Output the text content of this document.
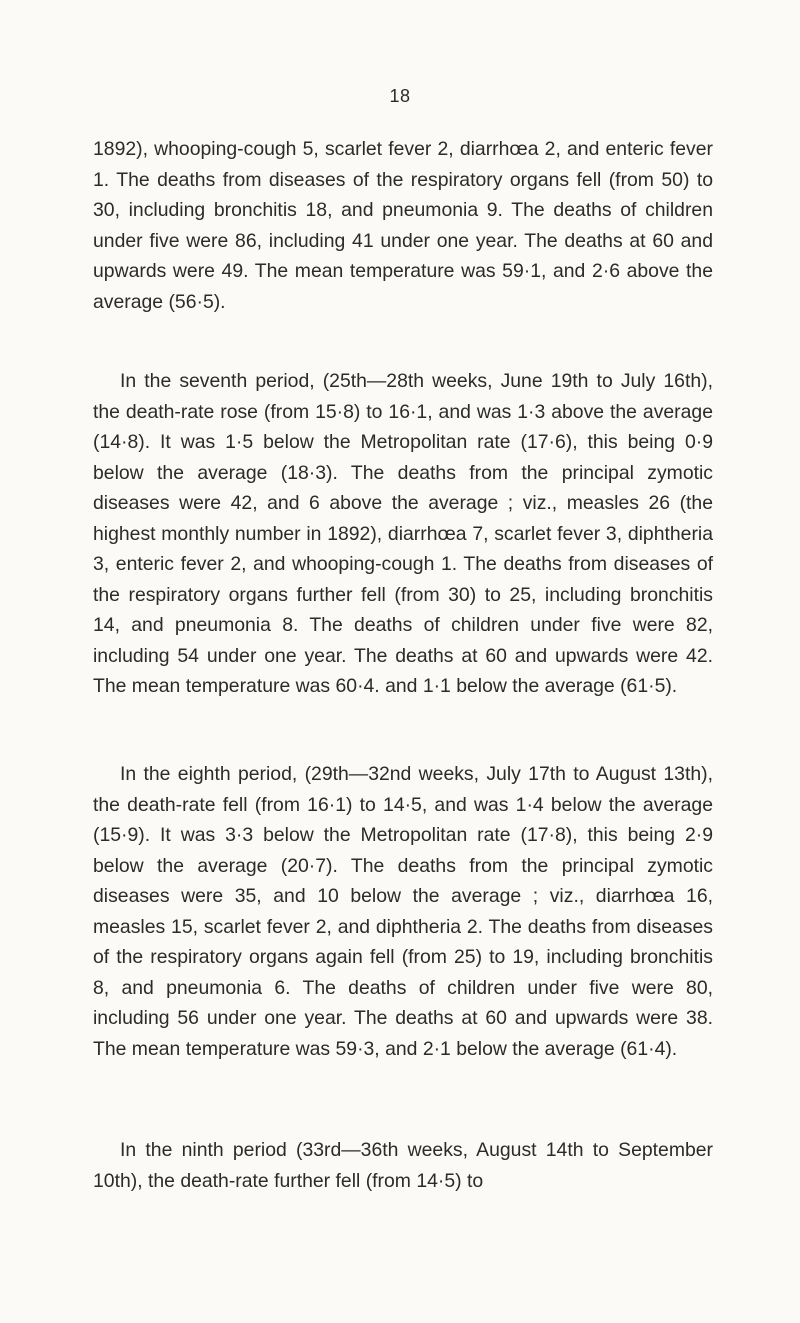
18

1892), whooping-cough 5, scarlet fever 2, diarrhœa 2, and enteric fever 1. The deaths from diseases of the respiratory organs fell (from 50) to 30, including bronchitis 18, and pneumonia 9. The deaths of children under five were 86, including 41 under one year. The deaths at 60 and upwards were 49. The mean temperature was 59·1, and 2·6 above the average (56·5).

In the seventh period, (25th—28th weeks, June 19th to July 16th), the death-rate rose (from 15·8) to 16·1, and was 1·3 above the average (14·8). It was 1·5 below the Metropolitan rate (17·6), this being 0·9 below the average (18·3). The deaths from the principal zymotic diseases were 42, and 6 above the average ; viz., measles 26 (the highest monthly number in 1892), diarrhœa 7, scarlet fever 3, diphtheria 3, enteric fever 2, and whooping-cough 1. The deaths from diseases of the respiratory organs further fell (from 30) to 25, including bronchitis 14, and pneumonia 8. The deaths of children under five were 82, including 54 under one year. The deaths at 60 and upwards were 42. The mean temperature was 60·4. and 1·1 below the average (61·5).

In the eighth period, (29th—32nd weeks, July 17th to August 13th), the death-rate fell (from 16·1) to 14·5, and was 1·4 below the average (15·9). It was 3·3 below the Metropolitan rate (17·8), this being 2·9 below the average (20·7). The deaths from the principal zymotic diseases were 35, and 10 below the average ; viz., diarrhœa 16, measles 15, scarlet fever 2, and diphtheria 2. The deaths from diseases of the respiratory organs again fell (from 25) to 19, including bronchitis 8, and pneumonia 6. The deaths of children under five were 80, including 56 under one year. The deaths at 60 and upwards were 38. The mean temperature was 59·3, and 2·1 below the average (61·4).

In the ninth period (33rd—36th weeks, August 14th to September 10th), the death-rate further fell (from 14·5) to
